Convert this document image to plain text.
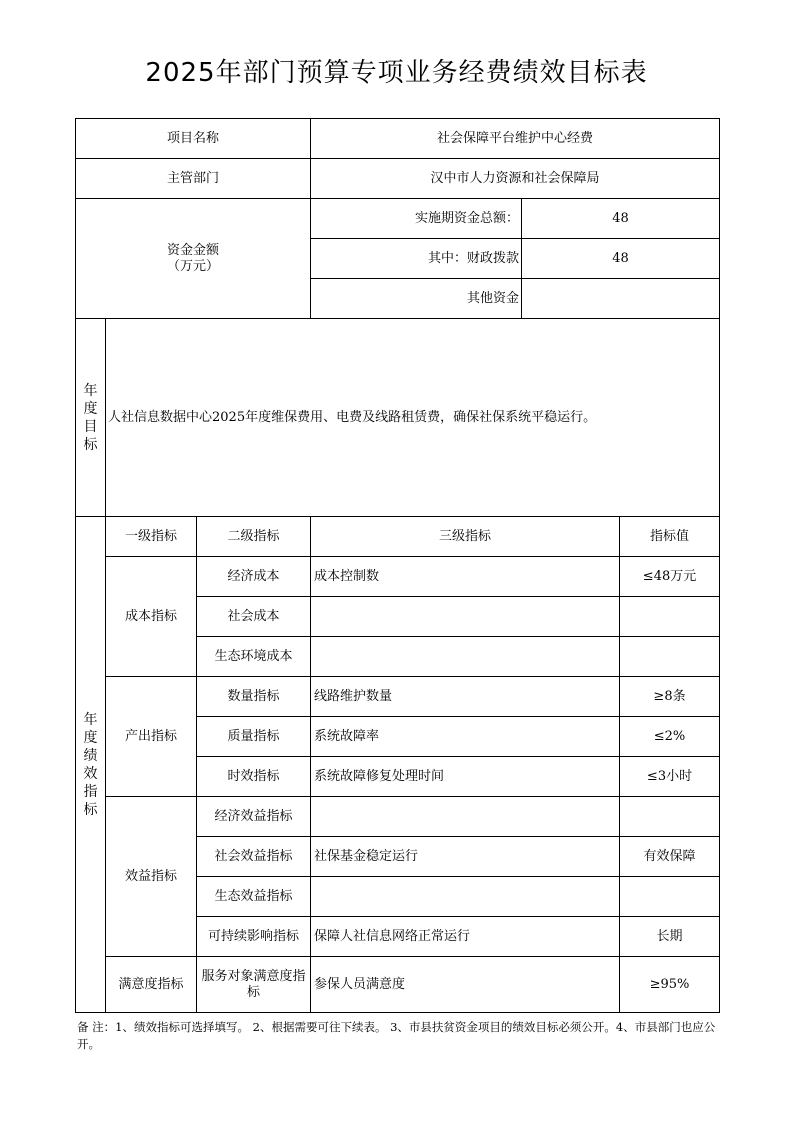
2025年部门预算专项业务经费绩效目标表
项目名称			社会保障平台维护中心经费		
主管部门			汉中市人力资源和社会保障局		

资金金额
（万元）			实施期资金总额：	48	
			其中：财政拨款	48	
			其他资金		

年度目标	人社信息数据中心2025年度维保费用、电费及线路租赁费，确保社保系统平稳运行。				

年度绩效指标	一级指标	二级指标	三级指标		指标值
	成本指标	经济成本	成本控制数		≤48万元
		社会成本			
		生态环境成本			
	产出指标	数量指标	线路维护数量		≥8条
		质量指标	系统故障率		≤2%
		时效指标	系统故障修复处理时间		≤3小时
	效益指标	经济效益指标			
		社会效益指标	社保基金稳定运行		有效保障
		生态效益指标			
		可持续影响指标	保障人社信息网络正常运行		长期
	满意度指标	服务对象满意度指标	参保人员满意度		≥95%
备 注：1、绩效指标可选择填写。 2、根据需要可往下续表。 3、市县扶贫资金项目的绩效目标必须公开。4、市县部门也应公开。
